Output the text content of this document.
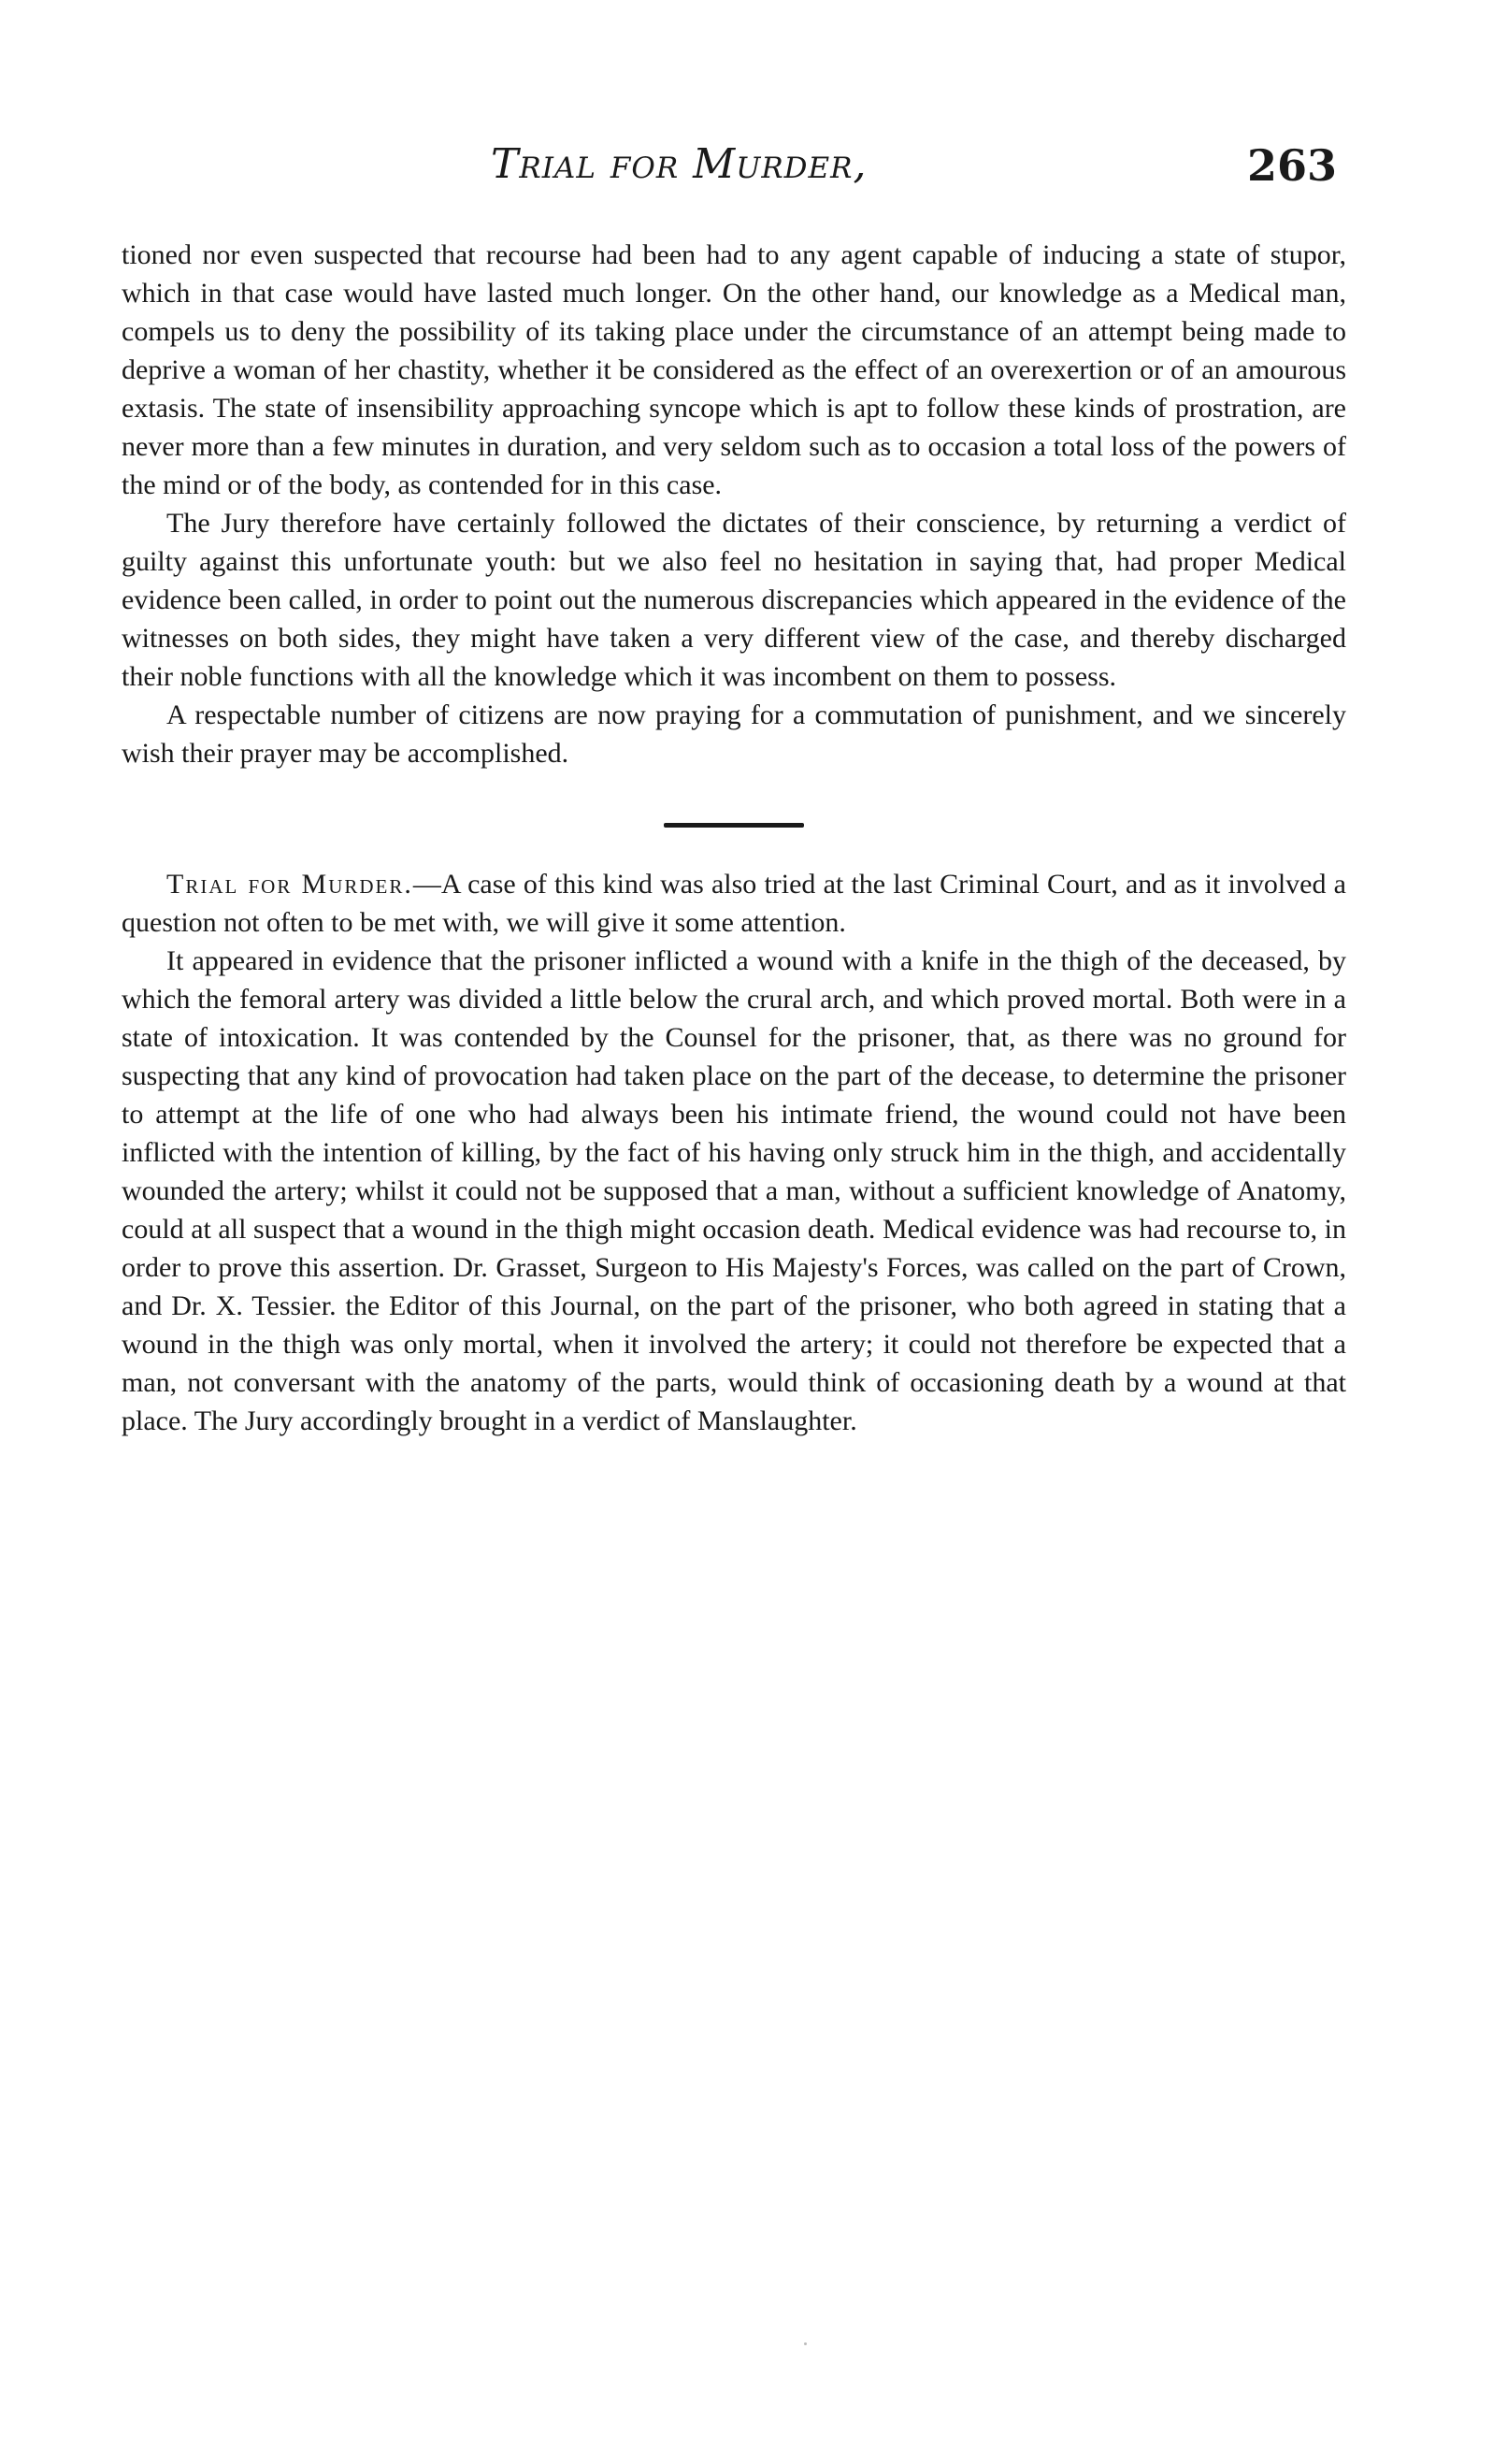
Trial for Murder,	263

tioned nor even suspected that recourse had been had to any agent capable of inducing a state of stupor, which in that case would have lasted much longer. On the other hand, our knowledge as a Medical man, compels us to deny the possibility of its taking place under the circumstance of an attempt being made to deprive a woman of her chastity, whether it be considered as the effect of an overexertion or of an amourous extasis. The state of insensibility approaching syncope which is apt to follow these kinds of prostration, are never more than a few minutes in duration, and very seldom such as to occasion a total loss of the powers of the mind or of the body, as contended for in this case.

The Jury therefore have certainly followed the dictates of their conscience, by returning a verdict of guilty against this unfortunate youth: but we also feel no hesitation in saying that, had proper Medical evidence been called, in order to point out the numerous discrepancies which appeared in the evidence of the witnesses on both sides, they might have taken a very different view of the case, and thereby discharged their noble functions with all the knowledge which it was incombent on them to possess.

A respectable number of citizens are now praying for a commutation of punishment, and we sincerely wish their prayer may be accomplished.

Trial for Murder.—A case of this kind was also tried at the last Criminal Court, and as it involved a question not often to be met with, we will give it some attention.

It appeared in evidence that the prisoner inflicted a wound with a knife in the thigh of the deceased, by which the femoral artery was divided a little below the crural arch, and which proved mortal. Both were in a state of intoxication. It was contended by the Counsel for the prisoner, that, as there was no ground for suspecting that any kind of provocation had taken place on the part of the decease, to determine the prisoner to attempt at the life of one who had always been his intimate friend, the wound could not have been inflicted with the intention of killing, by the fact of his having only struck him in the thigh, and accidentally wounded the artery; whilst it could not be supposed that a man, without a sufficient knowledge of Anatomy, could at all suspect that a wound in the thigh might occasion death. Medical evidence was had recourse to, in order to prove this assertion. Dr. Grasset, Surgeon to His Majesty's Forces, was called on the part of Crown, and Dr. X. Tessier. the Editor of this Journal, on the part of the prisoner, who both agreed in stating that a wound in the thigh was only mortal, when it involved the artery; it could not therefore be expected that a man, not conversant with the anatomy of the parts, would think of occasioning death by a wound at that place. The Jury accordingly brought in a verdict of Manslaughter.
